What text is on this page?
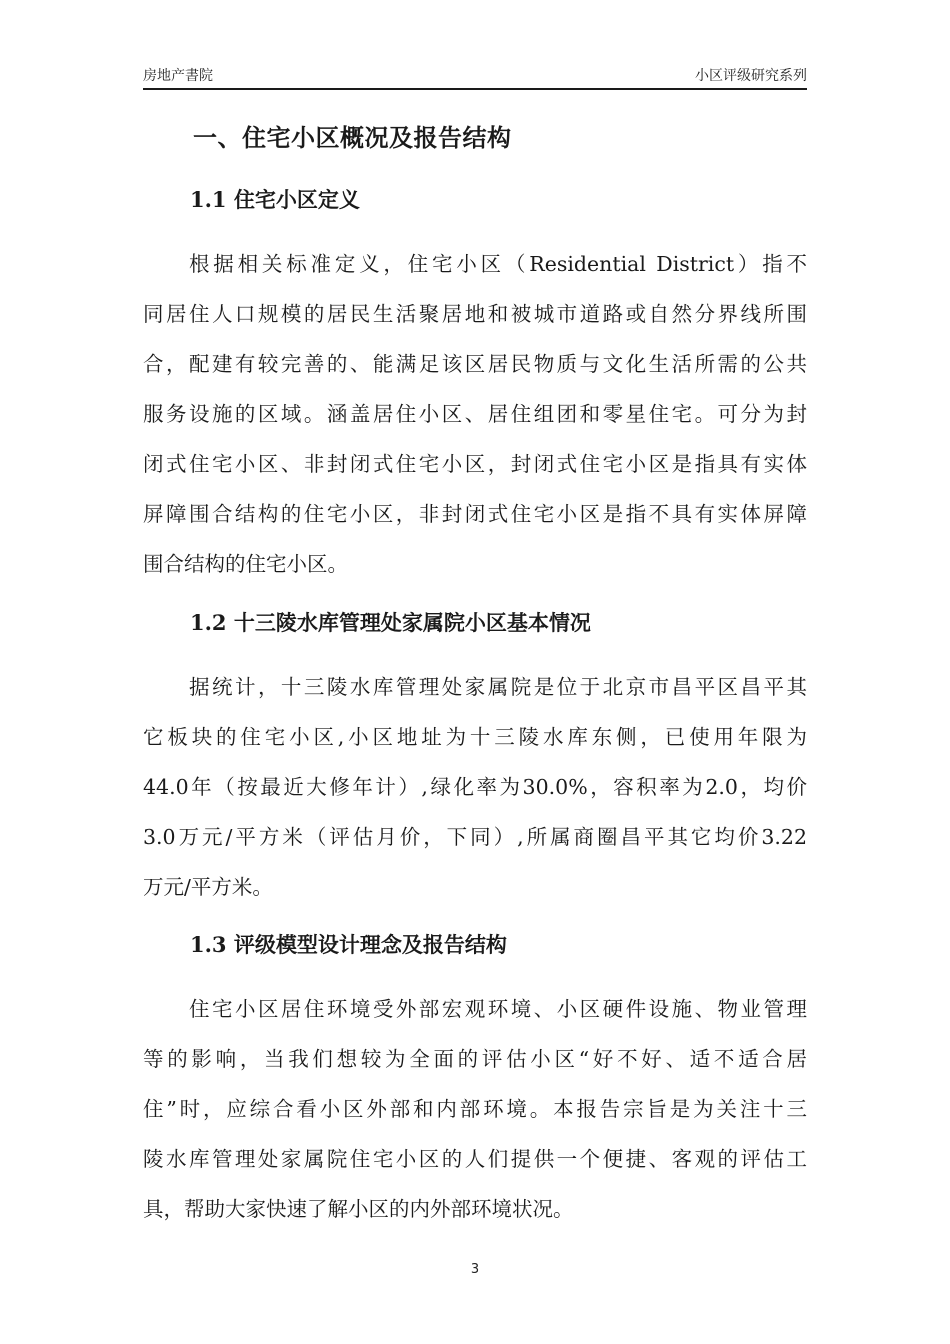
房地产書院	小区评级研究系列
一、住宅小区概况及报告结构
1.1 住宅小区定义
根据相关标准定义，住宅小区（Residential District）指不
同居住人口规模的居民生活聚居地和被城市道路或自然分界线所围
合，配建有较完善的、能满足该区居民物质与文化生活所需的公共
服务设施的区域。涵盖居住小区、居住组团和零星住宅。可分为封
闭式住宅小区、非封闭式住宅小区，封闭式住宅小区是指具有实体
屏障围合结构的住宅小区，非封闭式住宅小区是指不具有实体屏障
围合结构的住宅小区。
1.2 十三陵水库管理处家属院小区基本情况
据统计，十三陵水库管理处家属院是位于北京市昌平区昌平其
它板块的住宅小区,小区地址为十三陵水库东侧，已使用年限为
44.0年（按最近大修年计）,绿化率为30.0%，容积率为2.0，均价
3.0万元/平方米（评估月价，下同）,所属商圈昌平其它均价3.22
万元/平方米。
1.3 评级模型设计理念及报告结构
住宅小区居住环境受外部宏观环境、小区硬件设施、物业管理
等的影响，当我们想较为全面的评估小区“好不好、适不适合居
住”时，应综合看小区外部和内部环境。本报告宗旨是为关注十三
陵水库管理处家属院住宅小区的人们提供一个便捷、客观的评估工
具，帮助大家快速了解小区的内外部环境状况。
3
